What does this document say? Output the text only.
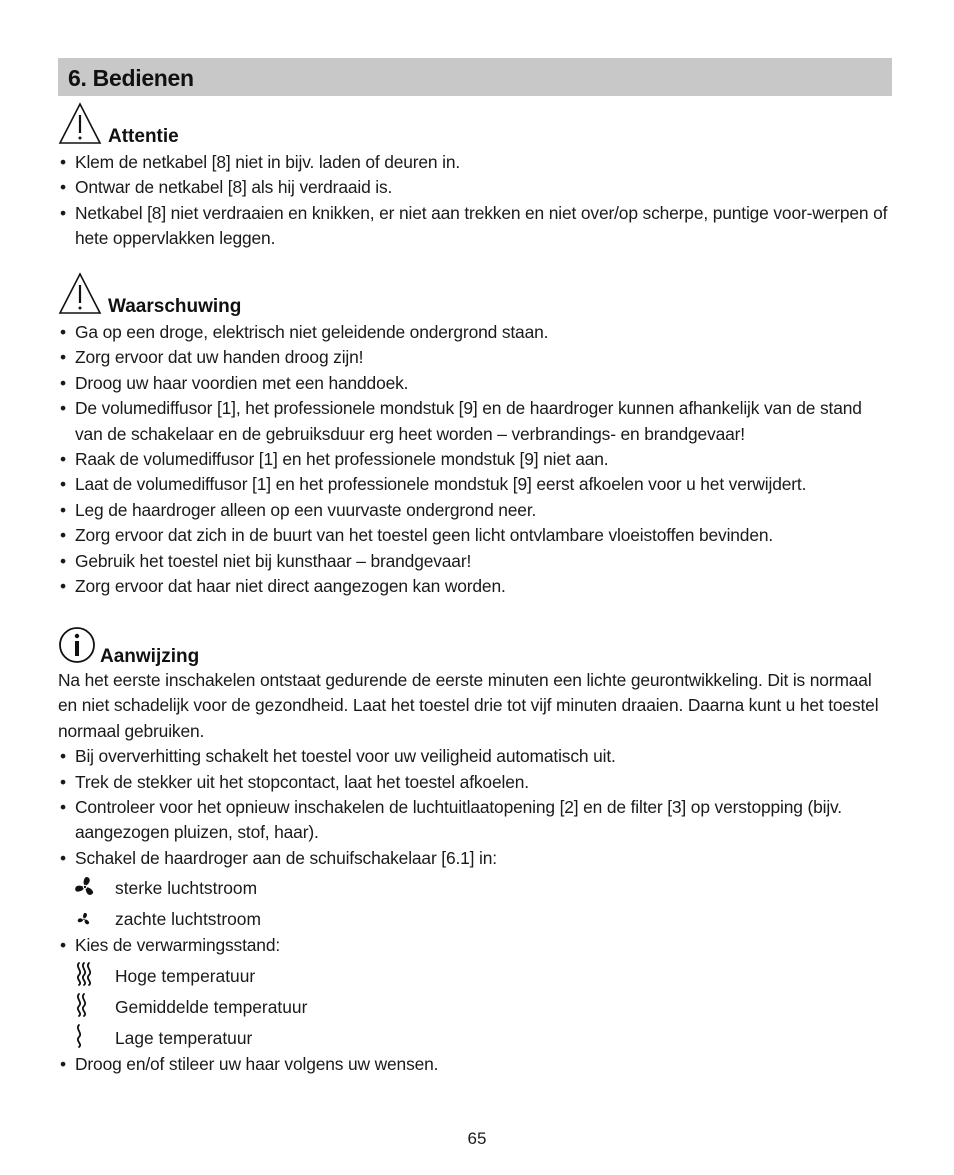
6. Bedienen
Attentie
• Klem de netkabel [8] niet in bijv. laden of deuren in.
• Ontwar de netkabel [8] als hij verdraaid is.
• Netkabel [8] niet verdraaien en knikken, er niet aan trekken en niet over/op scherpe, puntige voor-werpen of hete oppervlakken leggen.
Waarschuwing
• Ga op een droge, elektrisch niet geleidende ondergrond staan.
• Zorg ervoor dat uw handen droog zijn!
• Droog uw haar voordien met een handdoek.
• De volumediffusor [1], het professionele mondstuk [9] en de haardroger kunnen afhankelijk van de stand van de schakelaar en de gebruiksduur erg heet worden – verbrandings- en brandgevaar!
• Raak de volumediffusor [1] en het professionele mondstuk [9] niet aan.
• Laat de volumediffusor [1] en het professionele mondstuk [9] eerst afkoelen voor u het verwijdert.
• Leg de haardroger alleen op een vuurvaste ondergrond neer.
• Zorg ervoor dat zich in de buurt van het toestel geen licht ontvlambare vloeistoffen bevinden.
• Gebruik het toestel niet bij kunsthaar – brandgevaar!
• Zorg ervoor dat haar niet direct aangezogen kan worden.
Aanwijzing
Na het eerste inschakelen ontstaat gedurende de eerste minuten een lichte geurontwikkeling. Dit is normaal en niet schadelijk voor de gezondheid. Laat het toestel drie tot vijf minuten draaien. Daarna kunt u het toestel normaal gebruiken.
• Bij oververhitting schakelt het toestel voor uw veiligheid automatisch uit.
• Trek de stekker uit het stopcontact, laat het toestel afkoelen.
• Controleer voor het opnieuw inschakelen de luchtuitlaatopening [2] en de filter [3] op verstopping (bijv. aangezogen pluizen, stof, haar).
• Schakel de haardroger aan de schuifschakelaar [6.1] in:
sterke luchtstroom
zachte luchtstroom
• Kies de verwarmingsstand:
Hoge temperatuur
Gemiddelde temperatuur
Lage temperatuur
• Droog en/of stileer uw haar volgens uw wensen.
65
